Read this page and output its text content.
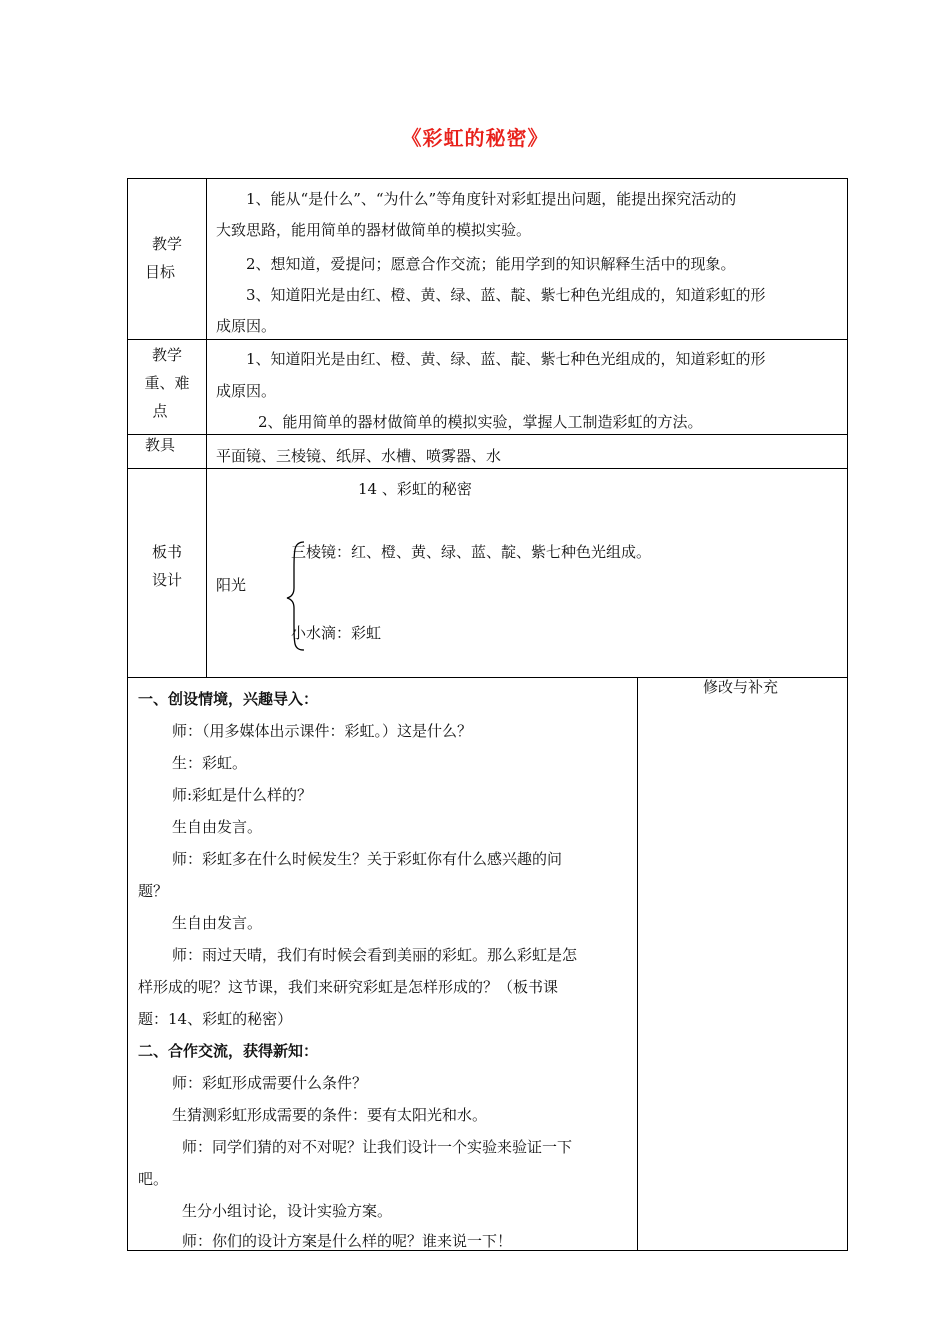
《彩虹的秘密》
教学
目标

1、能从“是什么”、“为什么”等角度针对彩虹提出问题，能提出探究活动的

大致思路，能用简单的器材做简单的模拟实验。

2、想知道，爱提问；愿意合作交流；能用学到的知识解释生活中的现象。

3、知道阳光是由红、橙、黄、绿、蓝、靛、紫七种色光组成的，知道彩虹的形

成原因。

教学
重、难
点

1、知道阳光是由红、橙、黄、绿、蓝、靛、紫七种色光组成的，知道彩虹的形

成原因。

2、能用简单的器材做简单的模拟实验，掌握人工制造彩虹的方法。

教具

平面镜、三棱镜、纸屏、水槽、喷雾器、水

板书
设计

14 、彩虹的秘密

阳光

三棱镜：红、橙、黄、绿、蓝、靛、紫七种色光组成。

小水滴：彩虹

修改与补充

一、创设情境，兴趣导入：

师：（用多媒体出示课件：彩虹。）这是什么？

生：彩虹。

师:彩虹是什么样的？

生自由发言。

师：彩虹多在什么时候发生？关于彩虹你有什么感兴趣的问

题？

生自由发言。

师：雨过天晴，我们有时候会看到美丽的彩虹。那么彩虹是怎

样形成的呢？这节课，我们来研究彩虹是怎样形成的？（板书课

题：14、彩虹的秘密）

二、合作交流，获得新知：

师：彩虹形成需要什么条件？

生猜测彩虹形成需要的条件：要有太阳光和水。

师：同学们猜的对不对呢？让我们设计一个实验来验证一下

吧。

生分小组讨论，设计实验方案。

师：你们的设计方案是什么样的呢？谁来说一下！
